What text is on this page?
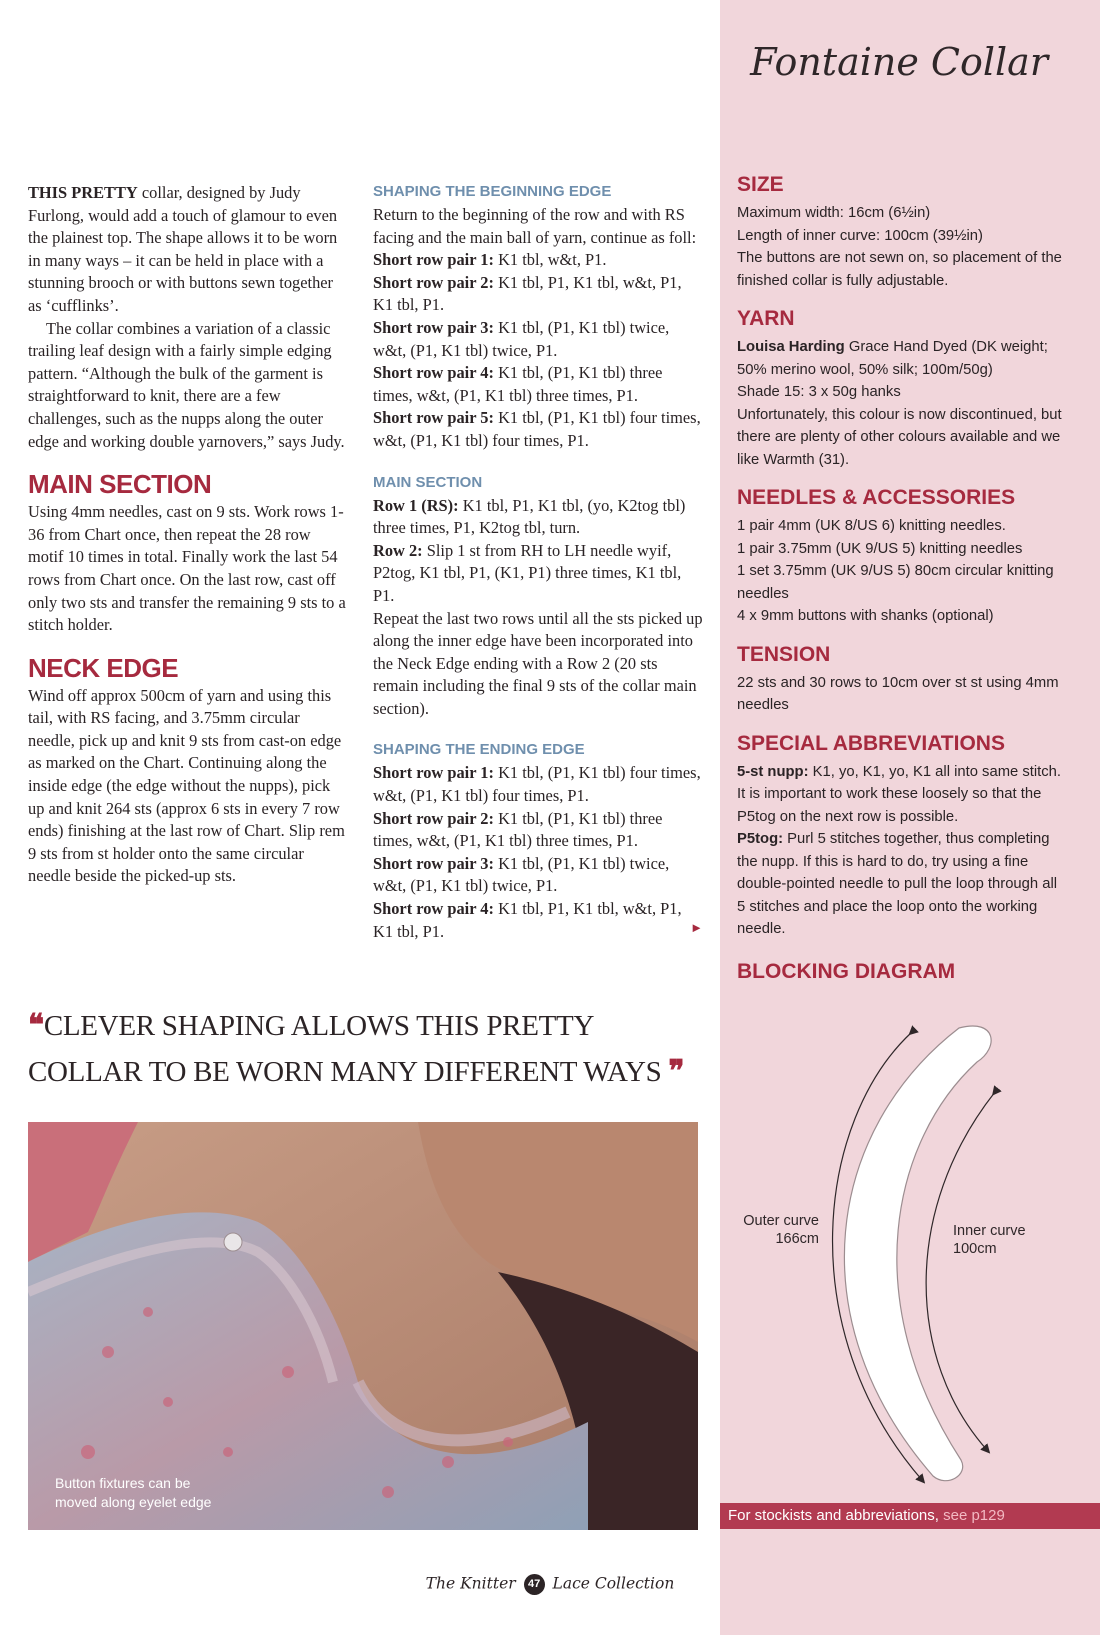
Fontaine Collar

THIS PRETTY collar, designed by Judy Furlong, would add a touch of glamour to even the plainest top. The shape allows it to be worn in many ways – it can be held in place with a stunning brooch or with buttons sewn together as ‘cufflinks’.

The collar combines a variation of a classic trailing leaf design with a fairly simple edging pattern. “Although the bulk of the garment is straightforward to knit, there are a few challenges, such as the nupps along the outer edge and working double yarnovers,” says Judy.

MAIN SECTION

Using 4mm needles, cast on 9 sts. Work rows 1-36 from Chart once, then repeat the 28 row motif 10 times in total. Finally work the last 54 rows from Chart once. On the last row, cast off only two sts and transfer the remaining 9 sts to a stitch holder.

NECK EDGE

Wind off approx 500cm of yarn and using this tail, with RS facing, and 3.75mm circular needle, pick up and knit 9 sts from cast-on edge as marked on the Chart. Continuing along the inside edge (the edge without the nupps), pick up and knit 264 sts (approx 6 sts in every 7 row ends) finishing at the last row of Chart. Slip rem 9 sts from st holder onto the same circular needle beside the picked-up sts.

SHAPING THE BEGINNING EDGE

Return to the beginning of the row and with RS facing and the main ball of yarn, continue as foll:

Short row pair 1: K1 tbl, w&t, P1.

Short row pair 2: K1 tbl, P1, K1 tbl, w&t, P1, K1 tbl, P1.

Short row pair 3: K1 tbl, (P1, K1 tbl) twice, w&t, (P1, K1 tbl) twice, P1.

Short row pair 4: K1 tbl, (P1, K1 tbl) three times, w&t, (P1, K1 tbl) three times, P1.

Short row pair 5: K1 tbl, (P1, K1 tbl) four times, w&t, (P1, K1 tbl) four times, P1.

MAIN SECTION

Row 1 (RS): K1 tbl, P1, K1 tbl, (yo, K2tog tbl) three times, P1, K2tog tbl, turn.

Row 2: Slip 1 st from RH to LH needle wyif, P2tog, K1 tbl, P1, (K1, P1) three times, K1 tbl, P1.

Repeat the last two rows until all the sts picked up along the inner edge have been incorporated into the Neck Edge ending with a Row 2 (20 sts remain including the final 9 sts of the collar main section).

SHAPING THE ENDING EDGE

Short row pair 1: K1 tbl, (P1, K1 tbl) four times, w&t, (P1, K1 tbl) four times, P1.

Short row pair 2: K1 tbl, (P1, K1 tbl) three times, w&t, (P1, K1 tbl) three times, P1.

Short row pair 3: K1 tbl, (P1, K1 tbl) twice, w&t, (P1, K1 tbl) twice, P1.

Short row pair 4: K1 tbl, P1, K1 tbl, w&t, P1, K1 tbl, P1.	►

SIZE

Maximum width: 16cm (6½in)

Length of inner curve: 100cm (39½in)

The buttons are not sewn on, so placement of the finished collar is fully adjustable.

YARN

Louisa Harding Grace Hand Dyed (DK weight; 50% merino wool, 50% silk; 100m/50g)

Shade 15: 3 x 50g hanks

Unfortunately, this colour is now discontinued, but there are plenty of other colours available and we like Warmth (31).

NEEDLES & ACCESSORIES

1 pair 4mm (UK 8/US 6) knitting needles.

1 pair 3.75mm (UK 9/US 5) knitting needles

1 set 3.75mm (UK 9/US 5) 80cm circular knitting needles

4 x 9mm buttons with shanks (optional)

TENSION

22 sts and 30 rows to 10cm over st st using 4mm needles

SPECIAL ABBREVIATIONS

5-st nupp: K1, yo, K1, yo, K1 all into same stitch. It is important to work these loosely so that the P5tog on the next row is possible.

P5tog: Purl 5 stitches together, thus completing the nupp. If this is hard to do, try using a fine double-pointed needle to pull the loop through all 5 stitches and place the loop onto the working needle.

BLOCKING DIAGRAM
Outer curve
166cm	Inner curve
100cm
❝CLEVER SHAPING ALLOWS THIS PRETTY COLLAR TO BE WORN MANY DIFFERENT WAYS ❞
Button fixtures can be
moved along eyelet edge
For stockists and abbreviations, see p129
The Knitter 47 Lace Collection
